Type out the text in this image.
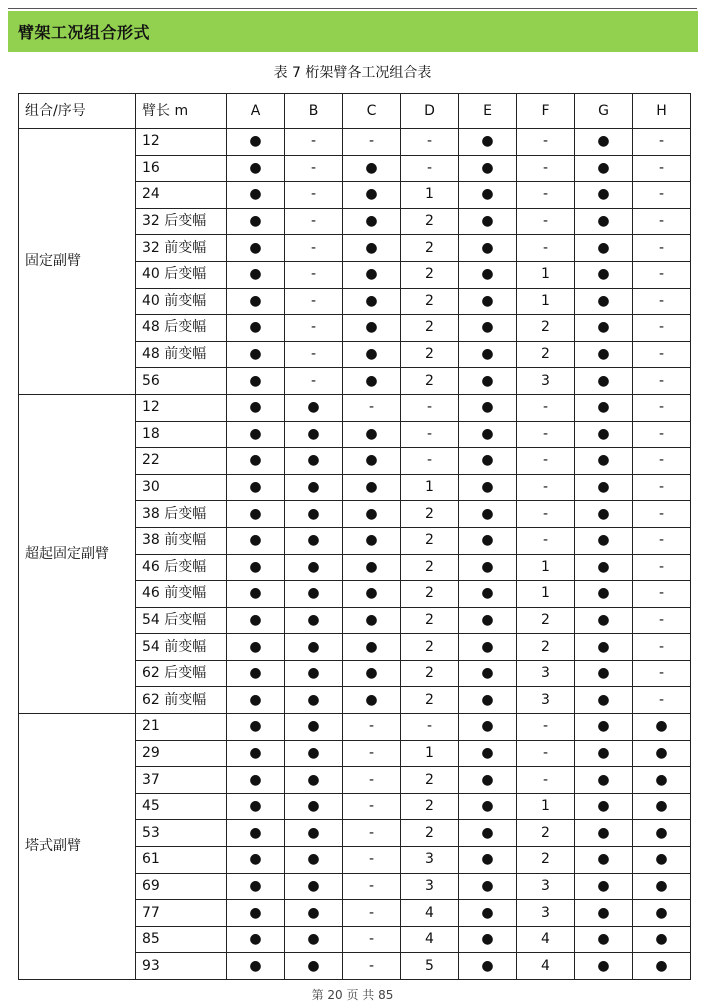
臂架工况组合形式
表 7 桁架臂各工况组合表
组合/序号	臂长 m	A	B	C	D	E	F	G	H
固定副臂	12	●	-	-	-	●	-	●	-
	16	●	-	●	-	●	-	●	-
	24	●	-	●	1	●	-	●	-
	32 后变幅	●	-	●	2	●	-	●	-
	32 前变幅	●	-	●	2	●	-	●	-
	40 后变幅	●	-	●	2	●	1	●	-
	40 前变幅	●	-	●	2	●	1	●	-
	48 后变幅	●	-	●	2	●	2	●	-
	48 前变幅	●	-	●	2	●	2	●	-
	56	●	-	●	2	●	3	●	-
超起固定副臂	12	●	●	-	-	●	-	●	-
	18	●	●	●	-	●	-	●	-
	22	●	●	●	-	●	-	●	-
	30	●	●	●	1	●	-	●	-
	38 后变幅	●	●	●	2	●	-	●	-
	38 前变幅	●	●	●	2	●	-	●	-
	46 后变幅	●	●	●	2	●	1	●	-
	46 前变幅	●	●	●	2	●	1	●	-
	54 后变幅	●	●	●	2	●	2	●	-
	54 前变幅	●	●	●	2	●	2	●	-
	62 后变幅	●	●	●	2	●	3	●	-
	62 前变幅	●	●	●	2	●	3	●	-
塔式副臂	21	●	●	-	-	●	-	●	●
	29	●	●	-	1	●	-	●	●
	37	●	●	-	2	●	-	●	●
	45	●	●	-	2	●	1	●	●
	53	●	●	-	2	●	2	●	●
	61	●	●	-	3	●	2	●	●
	69	●	●	-	3	●	3	●	●
	77	●	●	-	4	●	3	●	●
	85	●	●	-	4	●	4	●	●
	93	●	●	-	5	●	4	●	●
第 20 页 共 85
